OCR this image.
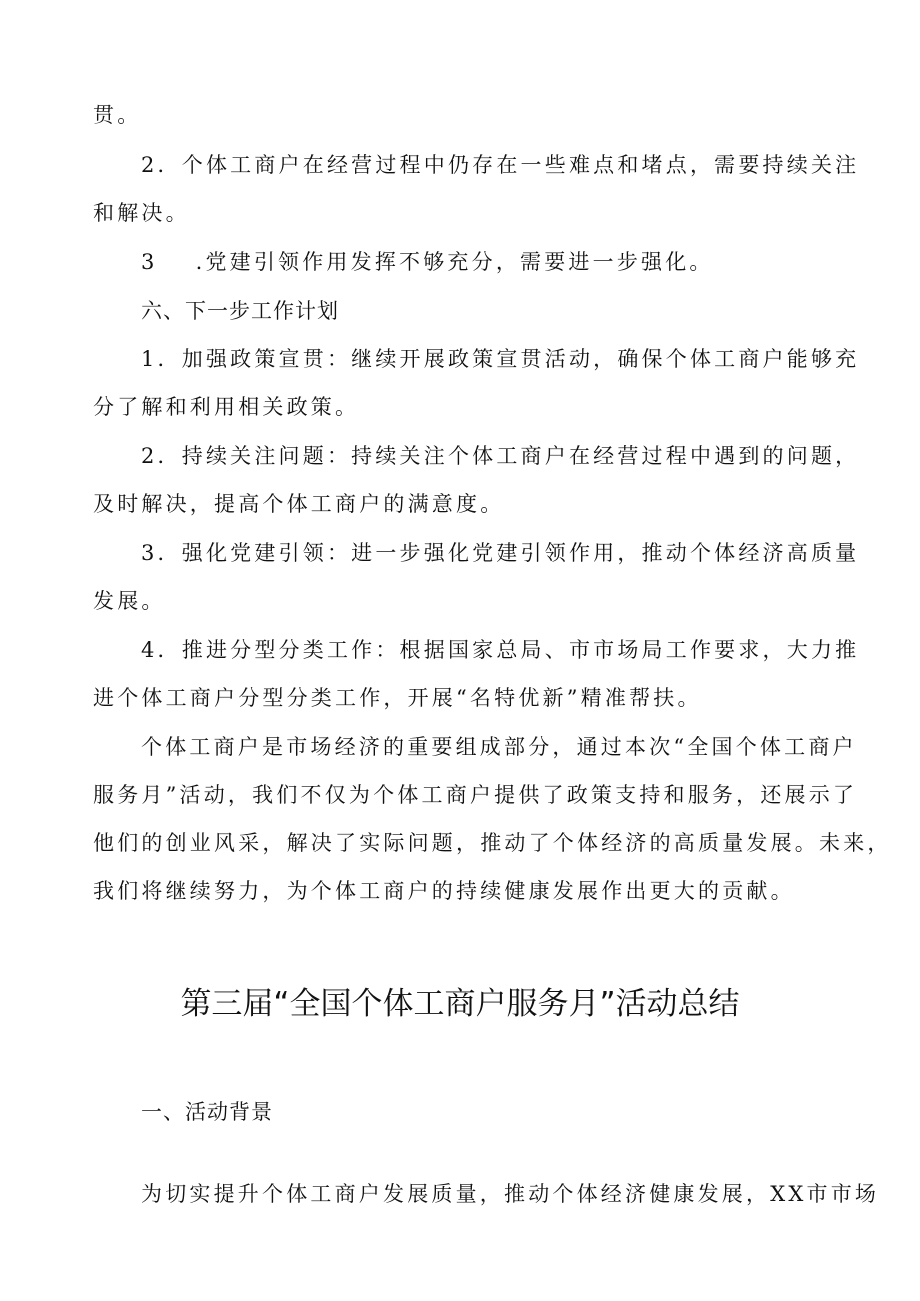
贯。
2．个体工商户在经营过程中仍存在一些难点和堵点，需要持续关注
和解决。
3 .党建引领作用发挥不够充分，需要进一步强化。
六、下一步工作计划
1．加强政策宣贯：继续开展政策宣贯活动，确保个体工商户能够充
分了解和利用相关政策。
2．持续关注问题：持续关注个体工商户在经营过程中遇到的问题，
及时解决，提高个体工商户的满意度。
3．强化党建引领：进一步强化党建引领作用，推动个体经济高质量
发展。
4．推进分型分类工作：根据国家总局、市市场局工作要求，大力推
进个体工商户分型分类工作，开展“名特优新”精准帮扶。
个体工商户是市场经济的重要组成部分，通过本次“全国个体工商户
服务月”活动，我们不仅为个体工商户提供了政策支持和服务，还展示了
他们的创业风采，解决了实际问题，推动了个体经济的高质量发展。未来，
我们将继续努力，为个体工商户的持续健康发展作出更大的贡献。
第三届“全国个体工商户服务月”活动总结
一、活动背景
为切实提升个体工商户发展质量，推动个体经济健康发展，XX市市场
